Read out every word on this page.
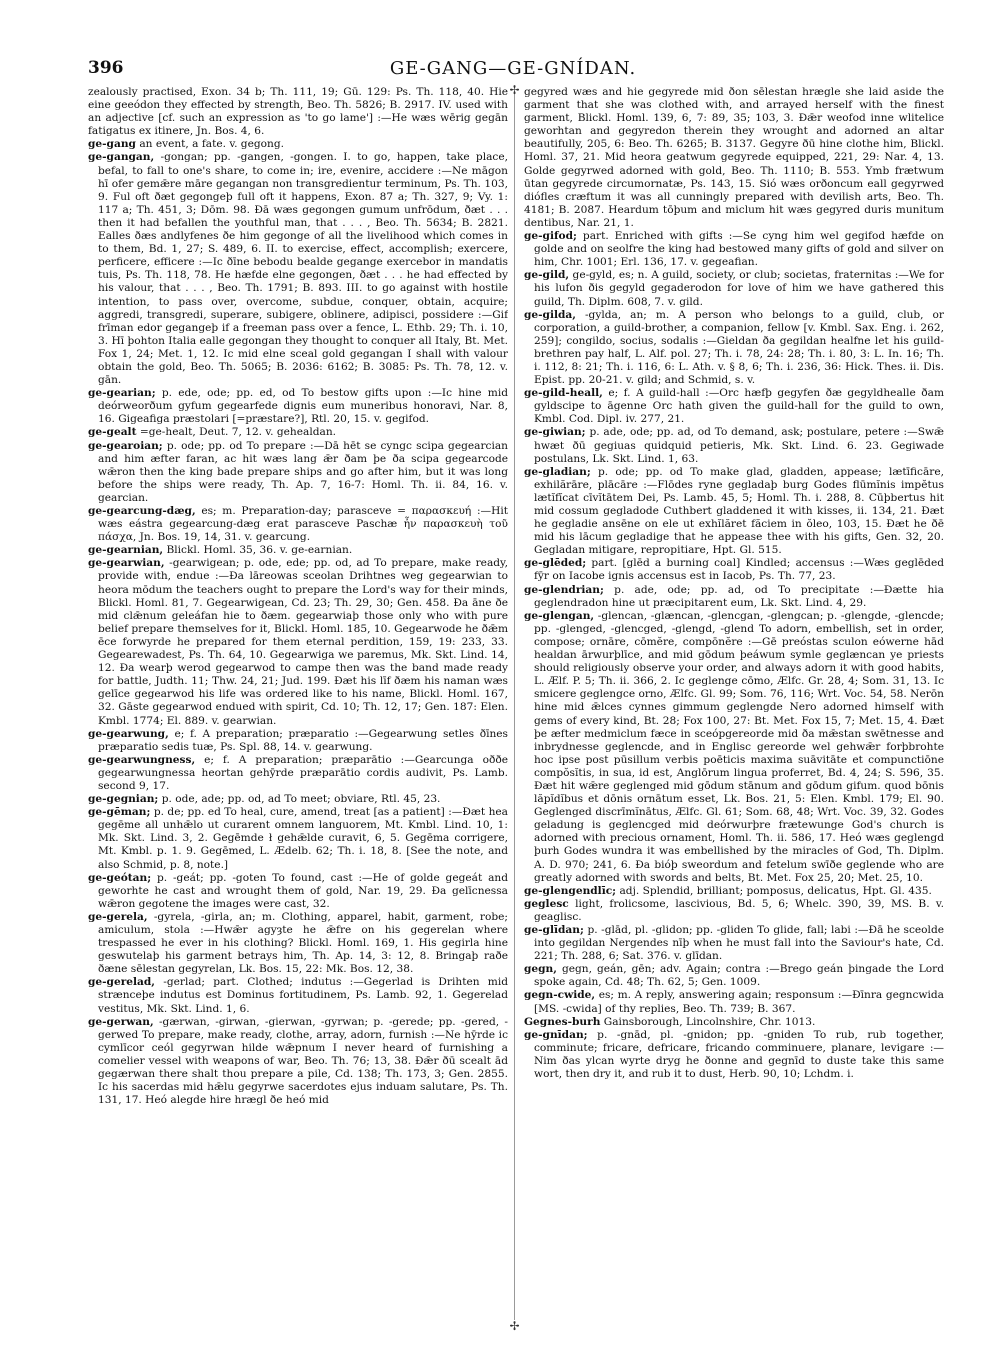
396	GE-GANG—GE-GNÍDAN.

zealously practised, Exon. 34 b; Th. 111, 19; Gū. 129: Ps. Th. 118, 40. Hie eine geeódon they effected by strength, Beo. Th. 5826; B. 2917. IV. used with an adjective [cf. such an expression as 'to go lame'] :—He wæs wērig gegān fatigatus ex itinere, Jn. Bos. 4, 6.

ge-gang an event, a fate. v. gegong.

ge-gangan, -gongan; pp. -gangen, -gongen. I. to go, happen, take place, befal, to fall to one's share, to come in; ire, evenire, accidere :—Ne māgon hī ofer gemǣre māre gegangan non transgredientur terminum, Ps. Th. 103, 9. Ful oft ðæt gegongeþ full oft it happens, Exon. 87 a; Th. 327, 9; Vy. 1: 117 a; Th. 451, 3; Dōm. 98. Ðā wæs gegongen gumum unfrōdum, ðæt . . . then it had befallen the youthful man, that . . . , Beo. Th. 5634; B. 2821. Ealles ðæs andlyfenes ðe him gegonge of all the livelihood which comes in to them, Bd. 1, 27; S. 489, 6. II. to exercise, effect, accomplish; exercere, perficere, efficere :—Ic ðīne bebodu bealde gegange exercebor in mandatis tuis, Ps. Th. 118, 78. He hæfde elne gegongen, ðæt . . . he had effected by his valour, that . . . , Beo. Th. 1791; B. 893. III. to go against with hostile intention, to pass over, overcome, subdue, conquer, obtain, acquire; aggredi, transgredi, superare, subigere, oblinere, adipisci, possidere :—Gif frīman edor gegangeþ if a freeman pass over a fence, L. Ethb. 29; Th. i. 10, 3. Hī þohton Italia ealle gegongan they thought to conquer all Italy, Bt. Met. Fox 1, 24; Met. 1, 12. Ic mid elne sceal gold gegangan I shall with valour obtain the gold, Beo. Th. 5065; B. 2036: 6162; B. 3085: Ps. Th. 78, 12. v. gān.

ge-gearian; p. ede, ode; pp. ed, od To bestow gifts upon :—Ic hine mid deórweorðum gyfum gegearfede dignis eum muneribus honoravi, Nar. 8, 16. Gigeafiga præstolari [=præstare?], Rtl. 20, 15. v. gegifod.

ge-gealt =ge-healt, Deut. 7, 12. v. gehealdan.

ge-gearoian; p. ode; pp. od To prepare :—Dā hēt se cyngc scipa gegearcian and him æfter faran, ac hit wæs lang ǣr ðam þe ða scipa gegearcode wǣron then the king bade prepare ships and go after him, but it was long before the ships were ready, Th. Ap. 7, 16-7: Homl. Th. ii. 84, 16. v. gearcian.

ge-gearcung-dæg, es; m. Preparation-day; parasceve = παρασκευή :—Hit wæs eástra gegearcung-dæg erat parasceve Paschæ ἦν παρασκευὴ τοῦ πάσχα, Jn. Bos. 19, 14, 31. v. gearcung.

ge-gearnian, Blickl. Homl. 35, 36. v. ge-earnian.

ge-gearwian, -gearwigean; p. ode, ede; pp. od, ad To prepare, make ready, provide with, endue :—Ða lāreowas sceolan Drihtnes weg gegearwian to heora mōdum the teachers ought to prepare the Lord's way for their minds, Blickl. Homl. 81, 7. Gegearwigean, Cd. 23; Th. 29, 30; Gen. 458. Ða āne ðe mid clǣnum geleáfan hie to ðæm. gegearwiaþ those only who with pure belief prepare themselves for it, Blickl. Homl. 185, 10. Gegearwode he ðǣm ēce forwyrde he prepared for them eternal perdition, 159, 19: 233, 33. Gegearewadest, Ps. Th. 64, 10. Gegearwiga we paremus, Mk. Skt. Lind. 14, 12. Ða wearþ werod gegearwod to campe then was the band made ready for battle, Judth. 11; Thw. 24, 21; Jud. 199. Ðæt his līf ðæm his naman wæs gelīce gegearwod his life was ordered like to his name, Blickl. Homl. 167, 32. Gāste gegearwod endued with spirit, Cd. 10; Th. 12, 17; Gen. 187: Elen. Kmbl. 1774; El. 889. v. gearwian.

ge-gearwung, e; f. A preparation; præparatio :—Gegearwung setles ðīnes præparatio sedis tuæ, Ps. Spl. 88, 14. v. gearwung.

ge-gearwungness, e; f. A preparation; præparātio :—Gearcunga oððe gegearwungnessa heortan gehȳrde præparātio cordis audivit, Ps. Lamb. second 9, 17.

ge-gegnian; p. ode, ade; pp. od, ad To meet; obviare, Rtl. 45, 23.

ge-gēman; p. de; pp. ed To heal, cure, amend, treat [as a patient] :—Ðæt hea gegēme all unhǣlo ut curarent omnem languorem, Mt. Kmbl. Lind. 10, 1: Mk. Skt. Lind. 3, 2. Gegēmde ł gehǣlde curavit, 6, 5. Gegēma corrigere, Mt. Kmbl. p. 1. 9. Gegēmed, L. Ædelb. 62; Th. i. 18, 8. [See the note, and also Schmid, p. 8, note.]

ge-geótan; p. -geát; pp. -goten To found, cast :—He of golde gegeát and geworhte he cast and wrought them of gold, Nar. 19, 29. Ða gelīcnessa wǣron gegotene the images were cast, 32.

ge-gerela, -gyrela, -girla, an; m. Clothing, apparel, habit, garment, robe; amiculum, stola :—Hwǣr agyȝte he ǣfre on his gegerelan where trespassed he ever in his clothing? Blickl. Homl. 169, 1. His gegirla hine geswutelaþ his garment betrays him, Th. Ap. 14, 3: 12, 8. Bringaþ raðe ðæne sēlestan gegyrelan, Lk. Bos. 15, 22: Mk. Bos. 12, 38.

ge-gerelad, -gerlad; part. Clothed; indutus :—Gegerlad is Drihten mid strænceþe indutus est Dominus fortitudinem, Ps. Lamb. 92, 1. Gegerelad vestitus, Mk. Skt. Lind. 1, 6.

ge-gerwan, -gærwan, -girwan, -gierwan, -gyrwan; p. -gerede; pp. -gered, -gerwed To prepare, make ready, clothe, array, adorn, furnish :—Ne hȳrde ic cymlīcor ceól gegyrwan hilde wǣpnum I never heard of furnishing a comelier vessel with weapons of war, Beo. Th. 76; 13, 38. Ðǣr ðū scealt ād gegærwan there shalt thou prepare a pile, Cd. 138; Th. 173, 3; Gen. 2855. Ic his sacerdas mid hǣlu gegyrwe sacerdotes ejus induam salutare, Ps. Th. 131, 17. Heó alegde hire hrægl ðe heó mid

✢
✢

gegyred wæs and hie gegyrede mid ðon sēlestan hrægle she laid aside the garment that she was clothed with, and arrayed herself with the finest garment, Blickl. Homl. 139, 6, 7: 89, 35; 103, 3. Ðǣr weofod inne wlitelice geworhtan and gegyredon therein they wrought and adorned an altar beautifully, 205, 6: Beo. Th. 6265; B. 3137. Gegyre ðū hine clothe him, Blickl. Homl. 37, 21. Mid heora geatwum gegyrede equipped, 221, 29: Nar. 4, 13. Golde gegyrwed adorned with gold, Beo. Th. 1110; B. 553. Ymb frætwum ūtan gegyrede circumornatæ, Ps. 143, 15. Sió wæs orðoncum eall gegyrwed diófles cræftum it was all cunningly prepared with devilish arts, Beo. Th. 4181; B. 2087. Heardum tōþum and miclum hit wæs gegyred duris munitum dentibus, Nar. 21, 1.

ge-gifod; part. Enriched with gifts :—Se cyng him wel gegifod hæfde on golde and on seolfre the king had bestowed many gifts of gold and silver on him, Chr. 1001; Erl. 136, 17. v. gegeafian.

ge-gild, ge-gyld, es; n. A guild, society, or club; societas, fraternitas :—We for his lufon ðis gegyld gegaderodon for love of him we have gathered this guild, Th. Diplm. 608, 7. v. gild.

ge-gilda, -gylda, an; m. A person who belongs to a guild, club, or corporation, a guild-brother, a companion, fellow [v. Kmbl. Sax. Eng. i. 262, 259]; congildo, socius, sodalis :—Gieldan ða gegildan healfne let his guild-brethren pay half, L. Alf. pol. 27; Th. i. 78, 24: 28; Th. i. 80, 3: L. In. 16; Th. i. 112, 8: 21; Th. i. 116, 6: L. Ath. v. § 8, 6; Th. i. 236, 36: Hick. Thes. ii. Dis. Epist. pp. 20-21. v. gild; and Schmid, s. v.

ge-gild-heall, e; f. A guild-hall :—Orc hæfþ gegyfen ðæ gegyldhealle ðam gyldscipe to āgenne Orc hath given the guild-hall for the guild to own, Kmbl. Cod. Dipl. iv. 277, 21.

ge-giwian; p. ade, ode; pp. ad, od To demand, ask; postulare, petere :—Swǣ hwæt ðū gegiuas quidquid petieris, Mk. Skt. Lind. 6. 23. Gegiwade postulans, Lk. Skt. Lind. 1, 63.

ge-gladian; p. ode; pp. od To make glad, gladden, appease; lætīficāre, exhilărāre, plācāre :—Flōdes ryne gegladaþ burg Godes flūmĭnis impĕtus lætĭfĭcat cīvĭtātem Dei, Ps. Lamb. 45, 5; Homl. Th. i. 288, 8. Cūþbertus hit mid cossum gegladode Cuthbert gladdened it with kisses, ii. 134, 21. Ðæt he gegladie ansēne on ele ut exhĭlăret făciem in ŏleo, 103, 15. Ðæt he ðē mid his lācum gegladige that he appease thee with his gifts, Gen. 32, 20. Gegladan mitigare, repropitiare, Hpt. Gl. 515.

ge-glēded; part. [glēd a burning coal] Kindled; accensus :—Wæs geglēded fȳr on Iacobe ignis accensus est in Iacob, Ps. Th. 77, 23.

ge-glendrian; p. ade, ode; pp. ad, od To precipitate :—Ðætte hia geglendradon hine ut præcipitarent eum, Lk. Skt. Lind. 4, 29.

ge-glengan, -glencan, -glæncan, -glencgan, -glengcan; p. -glengde, -glencde; pp. -glenged, -glencged, -glengd, -glend To adorn, embellish, set in order, compose; ornāre, cōmĕre, compōnĕre :—Gē preóstas sculon eówerne hād healdan ārwurþlīce, and mid gōdum þeáwum symle geglæncan ye priests should religiously observe your order, and always adorn it with good habits, L. Ælf. P. 5; Th. ii. 366, 2. Ic geglenge cōmo, Ælfc. Gr. 28, 4; Som. 31, 13. Ic smicere geglengce orno, Ælfc. Gl. 99; Som. 76, 116; Wrt. Voc. 54, 58. Nerōn hine mid ǣlces cynnes gimmum geglengde Nero adorned himself with gems of every kind, Bt. 28; Fox 100, 27: Bt. Met. Fox 15, 7; Met. 15, 4. Ðæt þe æfter medmiclum fæce in sceópgereorde mid ða mǣstan swētnesse and inbrydnesse geglencde, and in Englisc gereorde wel gehwǣr forþbrohte hoc ipse post pūsillum verbis poēticis maxima suāvitāte et compunctiōne compŏsĭtis, in sua, id est, Anglōrum lingua proferret, Bd. 4, 24; S. 596, 35. Ðæt hit wǣre geglenged mid gōdum stānum and gōdum gifum. quod bōnis lăpĭdĭbus et dōnis ornātum esset, Lk. Bos. 21, 5: Elen. Kmbl. 179; El. 90. Geglenged discrīmĭnātus, Ælfc. Gl. 61; Som. 68, 48; Wrt. Voc. 39, 32. Godes geladung is geglencged mid deórwurþre frætewunge God's church is adorned with precious ornament, Homl. Th. ii. 586, 17. Heó wæs geglengd þurh Godes wundra it was embellished by the miracles of God, Th. Diplm. A. D. 970; 241, 6. Ða bióþ sweordum and fetelum swīðe geglende who are greatly adorned with swords and belts, Bt. Met. Fox 25, 20; Met. 25, 10.

ge-glengendlīc; adj. Splendid, brilliant; pomposus, delicatus, Hpt. Gl. 435.

geglesc light, frolicsome, lascivious, Bd. 5, 6; Whelc. 390, 39, MS. B. v. geaglisc.

ge-glīdan; p. -glād, pl. -glidon; pp. -gliden To glide, fall; labi :—Ðā he sceolde into gegildan Nergendes nīþ when he must fall into the Saviour's hate, Cd. 221; Th. 288, 6; Sat. 376. v. glīdan.

gegn, gegn, geán, gēn; adv. Again; contra :—Brego geán þingade the Lord spoke again, Cd. 48; Th. 62, 5; Gen. 1009.

gegn-cwide, es; m. A reply, answering again; responsum :—Ðīnra gegncwida [MS. -cwida] of thy replies, Beo. Th. 739; B. 367.

Gegnes-burh Gainsborough, Lincolnshire, Chr. 1013.

ge-gnīdan; p. -gnād, pl. -gnidon; pp. -gniden To rub, rub together, comminute; fricare, defricare, fricando comminuere, planare, levigare :—Nim ðas ylcan wyrte dryg he ðonne and gegnīd to duste take this same wort, then dry it, and rub it to dust, Herb. 90, 10; Lchdm. i.
